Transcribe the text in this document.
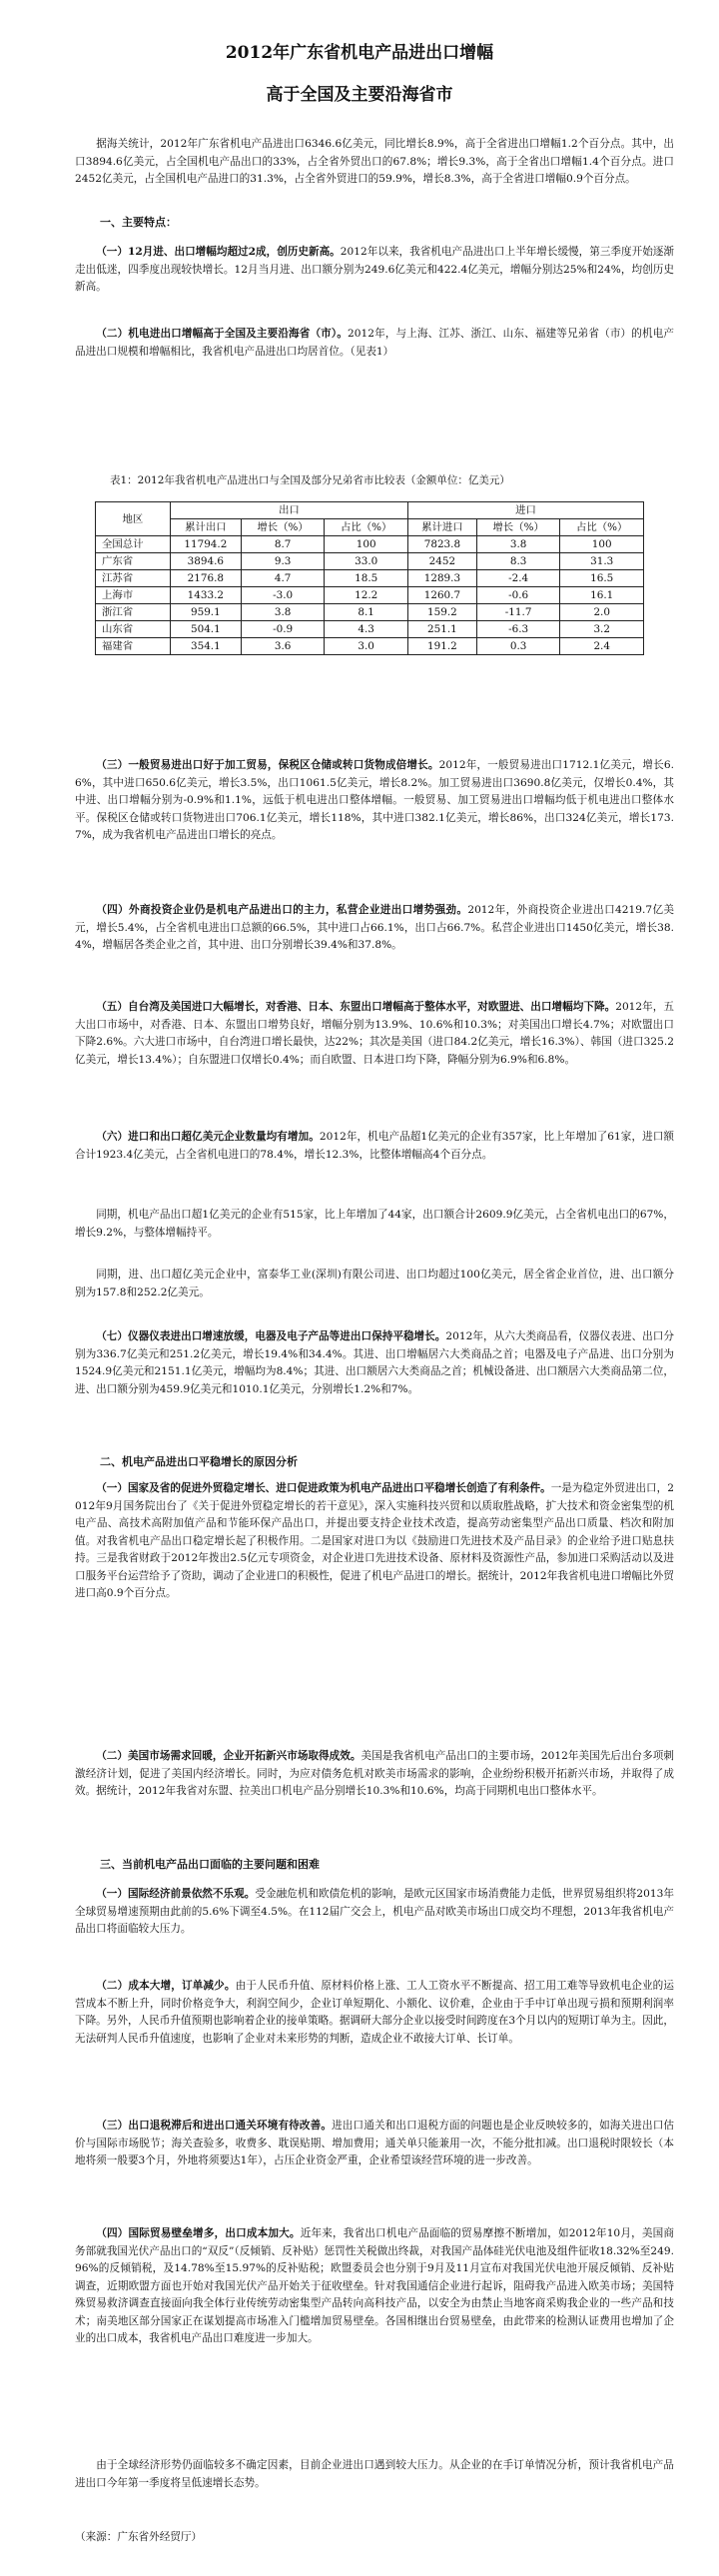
2012年广东省机电产品进出口增幅
高于全国及主要沿海省市

据海关统计，2012年广东省机电产品进出口6346.6亿美元，同比增长8.9%，高于全省进出口增幅1.2个百分点。其中，出口3894.6亿美元，占全国机电产品出口的33%，占全省外贸出口的67.8%；增长9.3%，高于全省出口增幅1.4个百分点。进口2452亿美元，占全国机电产品进口的31.3%，占全省外贸进口的59.9%，增长8.3%，高于全省进口增幅0.9个百分点。

一、主要特点：

（一）12月进、出口增幅均超过2成，创历史新高。2012年以来，我省机电产品进出口上半年增长缓慢，第三季度开始逐渐走出低迷，四季度出现较快增长。12月当月进、出口额分别为249.6亿美元和422.4亿美元，增幅分别达25%和24%，均创历史新高。

（二）机电进出口增幅高于全国及主要沿海省（市）。2012年，与上海、江苏、浙江、山东、福建等兄弟省（市）的机电产品进出口规模和增幅相比，我省机电产品进出口均居首位。（见表1）

表1：2012年我省机电产品进出口与全国及部分兄弟省市比较表（金额单位：亿美元）

地区	出口			进口		
	累计出口	增长（%）	占比（%）	累计进口	增长（%）	占比（%）
全国总计	11794.2	8.7	100	7823.8	3.8	100
广东省	3894.6	9.3	33.0	2452	8.3	31.3
江苏省	2176.8	4.7	18.5	1289.3	-2.4	16.5
上海市	1433.2	-3.0	12.2	1260.7	-0.6	16.1
浙江省	959.1	3.8	8.1	159.2	-11.7	2.0
山东省	504.1	-0.9	4.3	251.1	-6.3	3.2
福建省	354.1	3.6	3.0	191.2	0.3	2.4

（三）一般贸易进出口好于加工贸易，保税区仓储或转口货物成倍增长。2012年，一般贸易进出口1712.1亿美元，增长6.6%，其中进口650.6亿美元，增长3.5%，出口1061.5亿美元，增长8.2%。加工贸易进出口3690.8亿美元，仅增长0.4%，其中进、出口增幅分别为-0.9%和1.1%，远低于机电进出口整体增幅。一般贸易、加工贸易进出口增幅均低于机电进出口整体水平。保税区仓储或转口货物进出口706.1亿美元，增长118%，其中进口382.1亿美元，增长86%，出口324亿美元，增长173.7%，成为我省机电产品进出口增长的亮点。

（四）外商投资企业仍是机电产品进出口的主力，私营企业进出口增势强劲。2012年，外商投资企业进出口4219.7亿美元，增长5.4%，占全省机电进出口总额的66.5%，其中进口占66.1%，出口占66.7%。私营企业进出口1450亿美元，增长38.4%，增幅居各类企业之首，其中进、出口分别增长39.4%和37.8%。

（五）自台湾及美国进口大幅增长，对香港、日本、东盟出口增幅高于整体水平，对欧盟进、出口增幅均下降。2012年，五大出口市场中，对香港、日本、东盟出口增势良好，增幅分别为13.9%、10.6%和10.3%；对美国出口增长4.7%；对欧盟出口下降2.6%。六大进口市场中，自台湾进口增长最快，达22%；其次是美国（进口84.2亿美元，增长16.3%）、韩国（进口325.2亿美元，增长13.4%）；自东盟进口仅增长0.4%；而自欧盟、日本进口均下降，降幅分别为6.9%和6.8%。

（六）进口和出口超亿美元企业数量均有增加。2012年，机电产品超1亿美元的企业有357家，比上年增加了61家，进口额合计1923.4亿美元，占全省机电进口的78.4%，增长12.3%，比整体增幅高4个百分点。

同期，机电产品出口超1亿美元的企业有515家，比上年增加了44家，出口额合计2609.9亿美元，占全省机电出口的67%，增长9.2%，与整体增幅持平。

同期，进、出口超亿美元企业中，富泰华工业(深圳)有限公司进、出口均超过100亿美元，居全省企业首位，进、出口额分别为157.8和252.2亿美元。

（七）仪器仪表进出口增速放缓，电器及电子产品等进出口保持平稳增长。2012年，从六大类商品看，仪器仪表进、出口分别为336.7亿美元和251.2亿美元，增长19.4%和34.4%。其进、出口增幅居六大类商品之首；电器及电子产品进、出口分别为1524.9亿美元和2151.1亿美元，增幅均为8.4%；其进、出口额居六大类商品之首；机械设备进、出口额居六大类商品第二位，进、出口额分别为459.9亿美元和1010.1亿美元，分别增长1.2%和7%。

二、机电产品进出口平稳增长的原因分析

（一）国家及省的促进外贸稳定增长、进口促进政策为机电产品进出口平稳增长创造了有利条件。一是为稳定外贸进出口，2012年9月国务院出台了《关于促进外贸稳定增长的若干意见》，深入实施科技兴贸和以质取胜战略，扩大技术和资金密集型的机电产品、高技术高附加值产品和节能环保产品出口，并提出要支持企业技术改造，提高劳动密集型产品出口质量、档次和附加值。对我省机电产品出口稳定增长起了积极作用。二是国家对进口为以《鼓励进口先进技术及产品目录》的企业给予进口贴息扶持。三是我省财政于2012年拨出2.5亿元专项资金，对企业进口先进技术设备、原材料及资源性产品，参加进口采购活动以及进口服务平台运营给予了资助，调动了企业进口的积极性，促进了机电产品进口的增长。据统计，2012年我省机电进口增幅比外贸进口高0.9个百分点。

（二）美国市场需求回暖，企业开拓新兴市场取得成效。美国是我省机电产品出口的主要市场，2012年美国先后出台多项刺激经济计划，促进了美国内经济增长。同时，为应对债务危机对欧美市场需求的影响，企业纷纷积极开拓新兴市场，并取得了成效。据统计，2012年我省对东盟、拉美出口机电产品分别增长10.3%和10.6%，均高于同期机电出口整体水平。

三、当前机电产品出口面临的主要问题和困难

（一）国际经济前景依然不乐观。受金融危机和欧债危机的影响，是欧元区国家市场消费能力走低，世界贸易组织将2013年全球贸易增速预期由此前的5.6%下调至4.5%。在112届广交会上，机电产品对欧美市场出口成交均不理想，2013年我省机电产品出口将面临较大压力。

（二）成本大增，订单减少。由于人民币升值、原材料价格上涨、工人工资水平不断提高、招工用工难等导致机电企业的运营成本不断上升，同时价格竞争大，利润空间少，企业订单短期化、小额化、议价难，企业由于手中订单出现亏损和预期利润率下降。另外，人民币升值预期也影响着企业的接单策略。据调研大部分企业以接受时间跨度在3个月以内的短期订单为主。因此，无法研判人民币升值速度，也影响了企业对未来形势的判断，造成企业不敢接大订单、长订单。

（三）出口退税滞后和进出口通关环境有待改善。进出口通关和出口退税方面的问题也是企业反映较多的，如海关进出口估价与国际市场脱节；海关查验多，收费多、耽误贴期、增加费用；通关单只能兼用一次，不能分批扣减。出口退税时限较长（本地将须一般要3个月，外地将须要达1年），占压企业资金严重，企业希望该经营环境的进一步改善。

（四）国际贸易壁垒增多，出口成本加大。近年来，我省出口机电产品面临的贸易摩擦不断增加，如2012年10月，美国商务部就我国光伏产品出口的“双反”（反倾销、反补贴）惩罚性关税做出终裁，对我国产晶体硅光伏电池及组件征收18.32%至249.96%的反倾销税，及14.78%至15.97%的反补贴税；欧盟委员会也分别于9月及11月宣布对我国光伏电池开展反倾销、反补贴调查，近期欧盟方面也开始对我国光伏产品开始关于征收壁垒。针对我国通信企业进行起诉，阻碍我产品进入欧美市场；美国特殊贸易救济调查直接面向我全体行业传统劳动密集型产品转向高科技产品，以安全为由禁止当地客商采购我企业的一些产品和技术；南美地区部分国家正在谋划提高市场准入门槛增加贸易壁垒。各国相继出台贸易壁垒，由此带来的检测认证费用也增加了企业的出口成本，我省机电产品出口难度进一步加大。

由于全球经济形势仍面临较多不确定因素，目前企业进出口遇到较大压力。从企业的在手订单情况分析，预计我省机电产品进出口今年第一季度将呈低速增长态势。

（来源：广东省外经贸厅）
